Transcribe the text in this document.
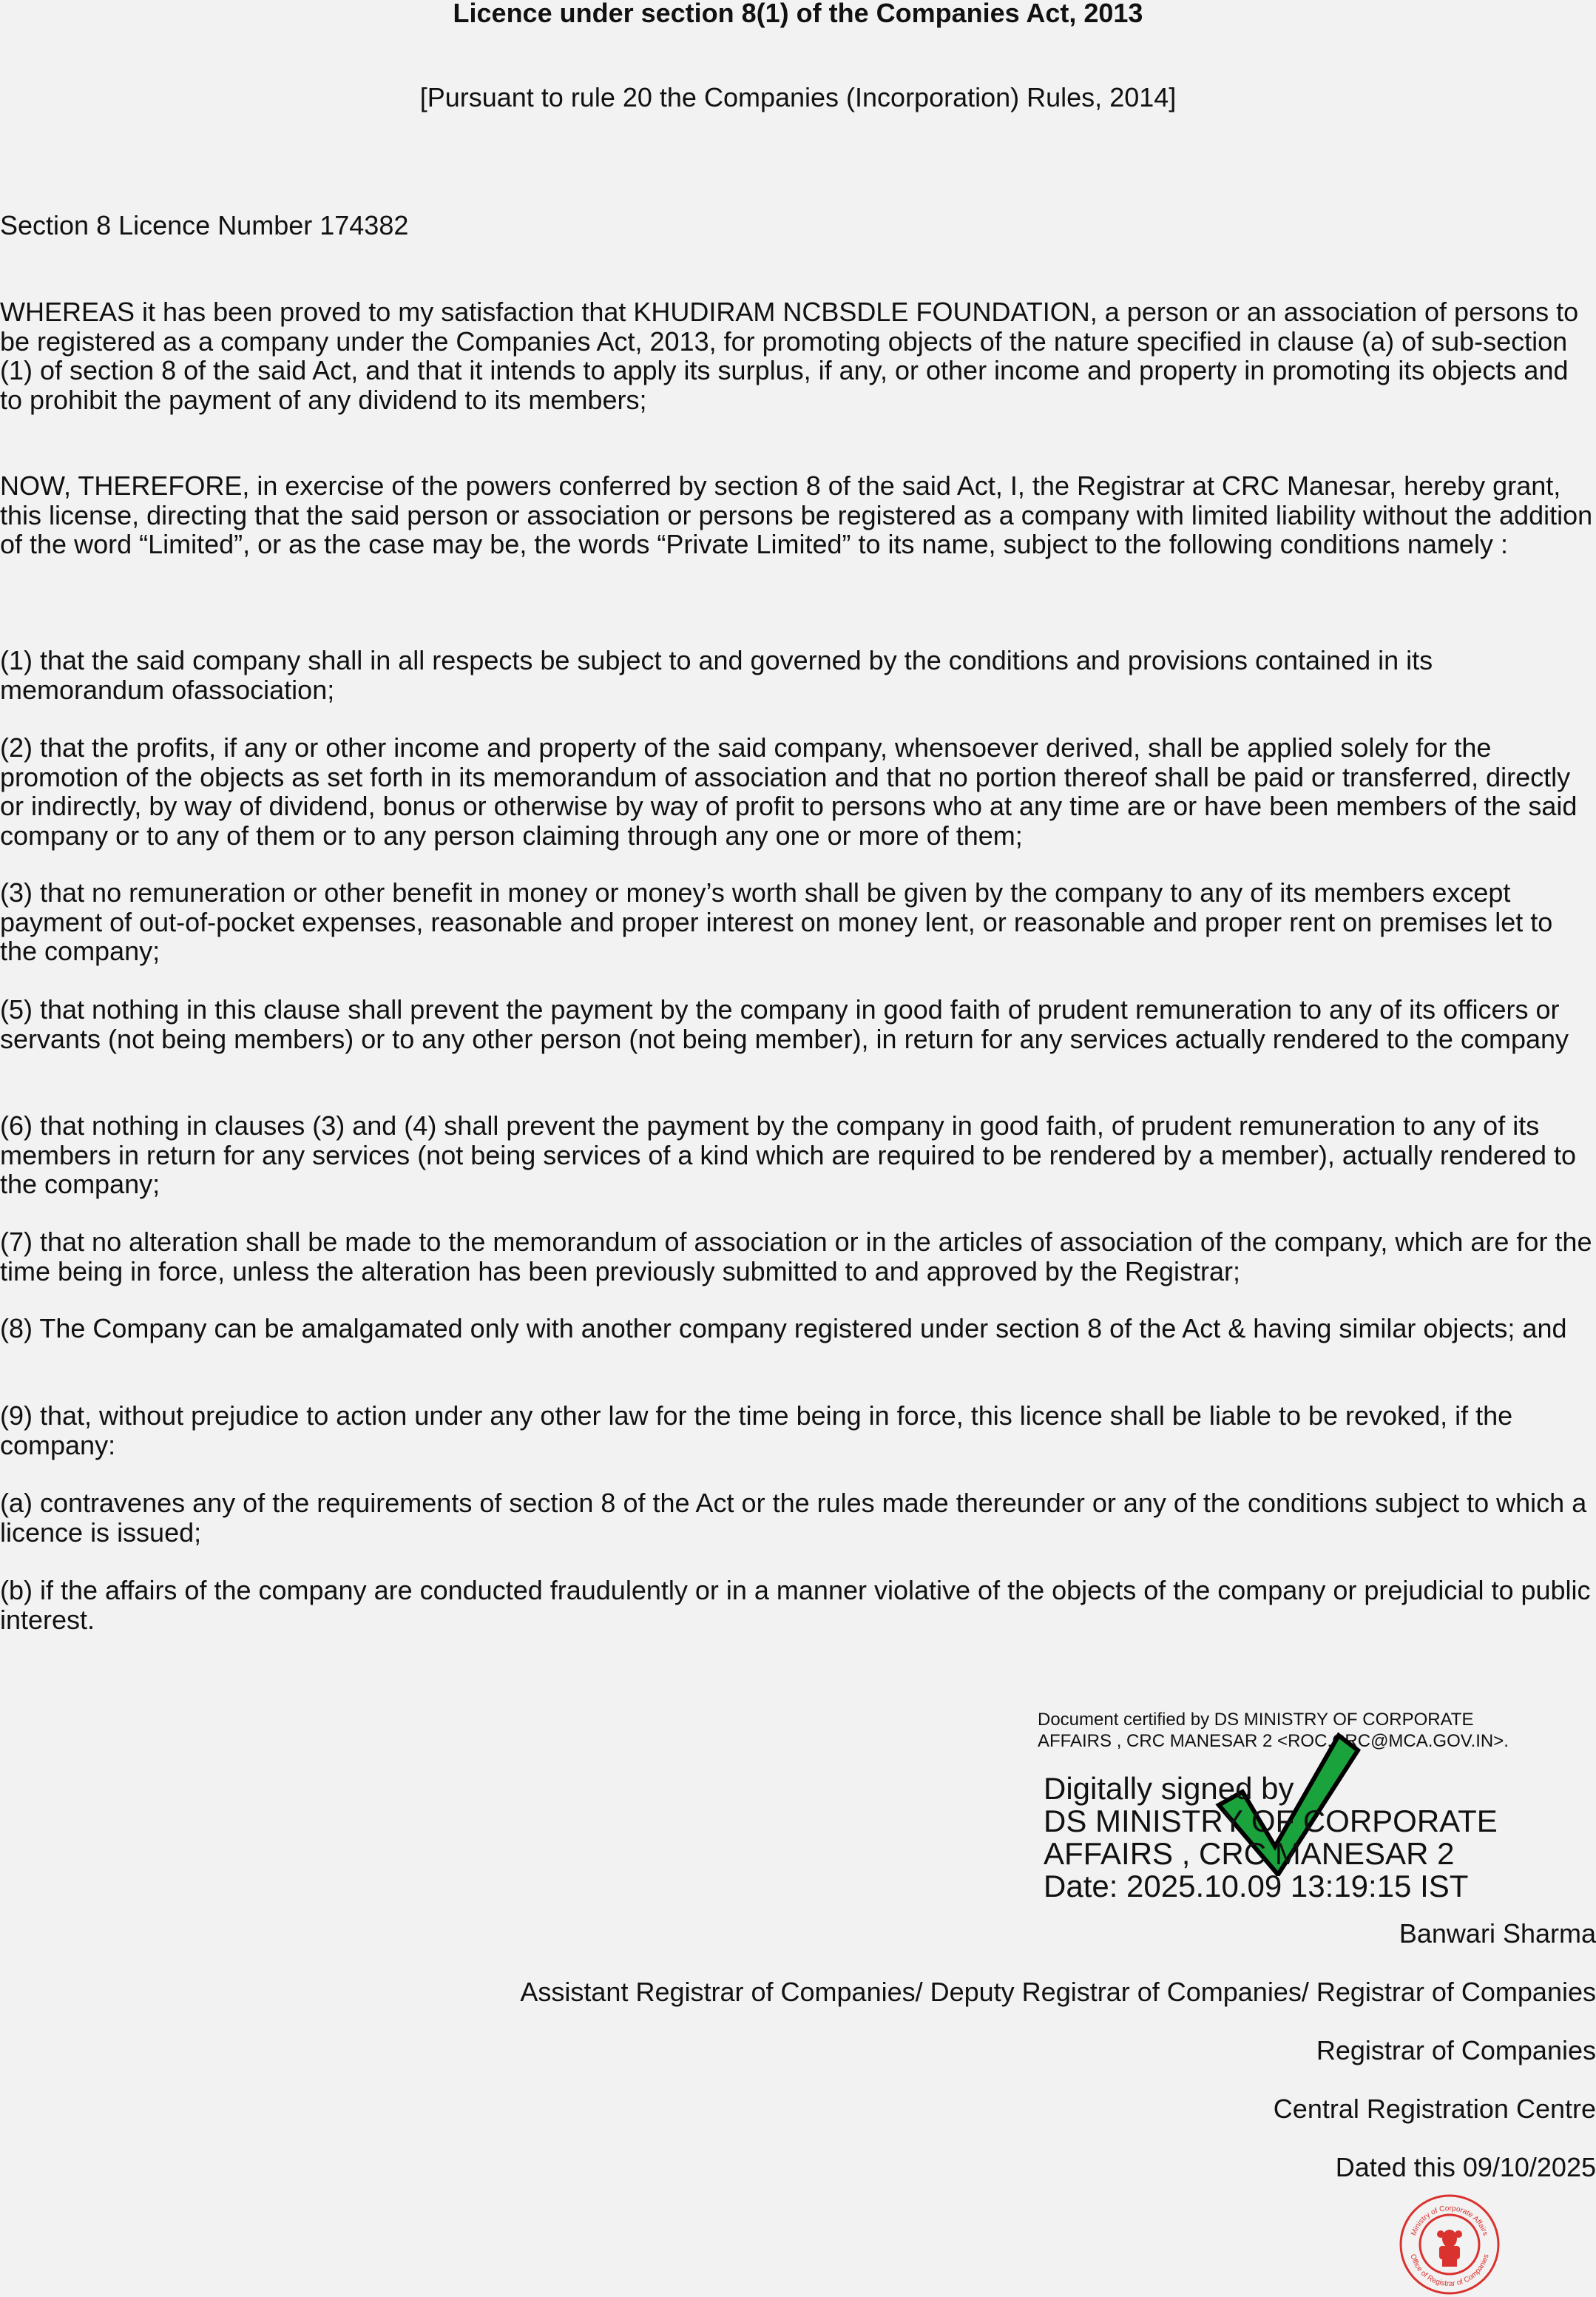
Licence under section 8(1) of the Companies Act, 2013
[Pursuant to rule 20 the Companies (Incorporation) Rules, 2014]
Section 8 Licence Number 174382

WHEREAS it has been proved to my satisfaction that KHUDIRAM NCBSDLE FOUNDATION, a person or an association of persons to be registered as a company under the Companies Act, 2013, for promoting objects of the nature specified in clause (a) of sub-section (1) of section 8 of the said Act, and that it intends to apply its surplus, if any, or other income and property in promoting its objects and to prohibit the payment of any dividend to its members;

NOW, THEREFORE, in exercise of the powers conferred by section 8 of the said Act, I, the Registrar at CRC Manesar, hereby grant, this license, directing that the said person or association or persons be registered as a company with limited liability without the addition of the word “Limited”, or as the case may be, the words “Private Limited” to its name, subject to the following conditions namely :

(1) that the said company shall in all respects be subject to and governed by the conditions and provisions contained in its memorandum ofassociation;

(2) that the profits, if any or other income and property of the said company, whensoever derived, shall be applied solely for the promotion of the objects as set forth in its memorandum of association and that no portion thereof shall be paid or transferred, directly or indirectly, by way of dividend, bonus or otherwise by way of profit to persons who at any time are or have been members of the said company or to any of them or to any person claiming through any one or more of them;

(3) that no remuneration or other benefit in money or money’s worth shall be given by the company to any of its members except payment of out-of-pocket expenses, reasonable and proper interest on money lent, or reasonable and proper rent on premises let to the company;

(5) that nothing in this clause shall prevent the payment by the company in good faith of prudent remuneration to any of its officers or servants (not being members) or to any other person (not being member), in return for any services actually rendered to the company

(6) that nothing in clauses (3) and (4) shall prevent the payment by the company in good faith, of prudent remuneration to any of its members in return for any services (not being services of a kind which are required to be rendered by a member), actually rendered to the company;

(7) that no alteration shall be made to the memorandum of association or in the articles of association of the company, which are for the time being in force, unless the alteration has been previously submitted to and approved by the Registrar;

(8) The Company can be amalgamated only with another company registered under section 8 of the Act & having similar objects; and

(9) that, without prejudice to action under any other law for the time being in force, this licence shall be liable to be revoked, if the company:

(a) contravenes any of the requirements of section 8 of the Act or the rules made thereunder or any of the conditions subject to which a licence is issued;

(b) if the affairs of the company are conducted fraudulently or in a manner violative of the objects of the company or prejudicial to public interest.

Document certified by DS MINISTRY OF CORPORATE
AFFAIRS , CRC MANESAR 2 <ROC.CRC@MCA.GOV.IN>.
Digitally signed by
DS MINISTRY OF CORPORATE
AFFAIRS , CRC MANESAR 2
Date: 2025.10.09 13:19:15 IST
Banwari Sharma
Assistant Registrar of Companies/ Deputy Registrar of Companies/ Registrar of Companies
Registrar of Companies
Central Registration Centre
Dated this 09/10/2025
Ministry of Corporate Affairs
Office of Registrar of Companies
